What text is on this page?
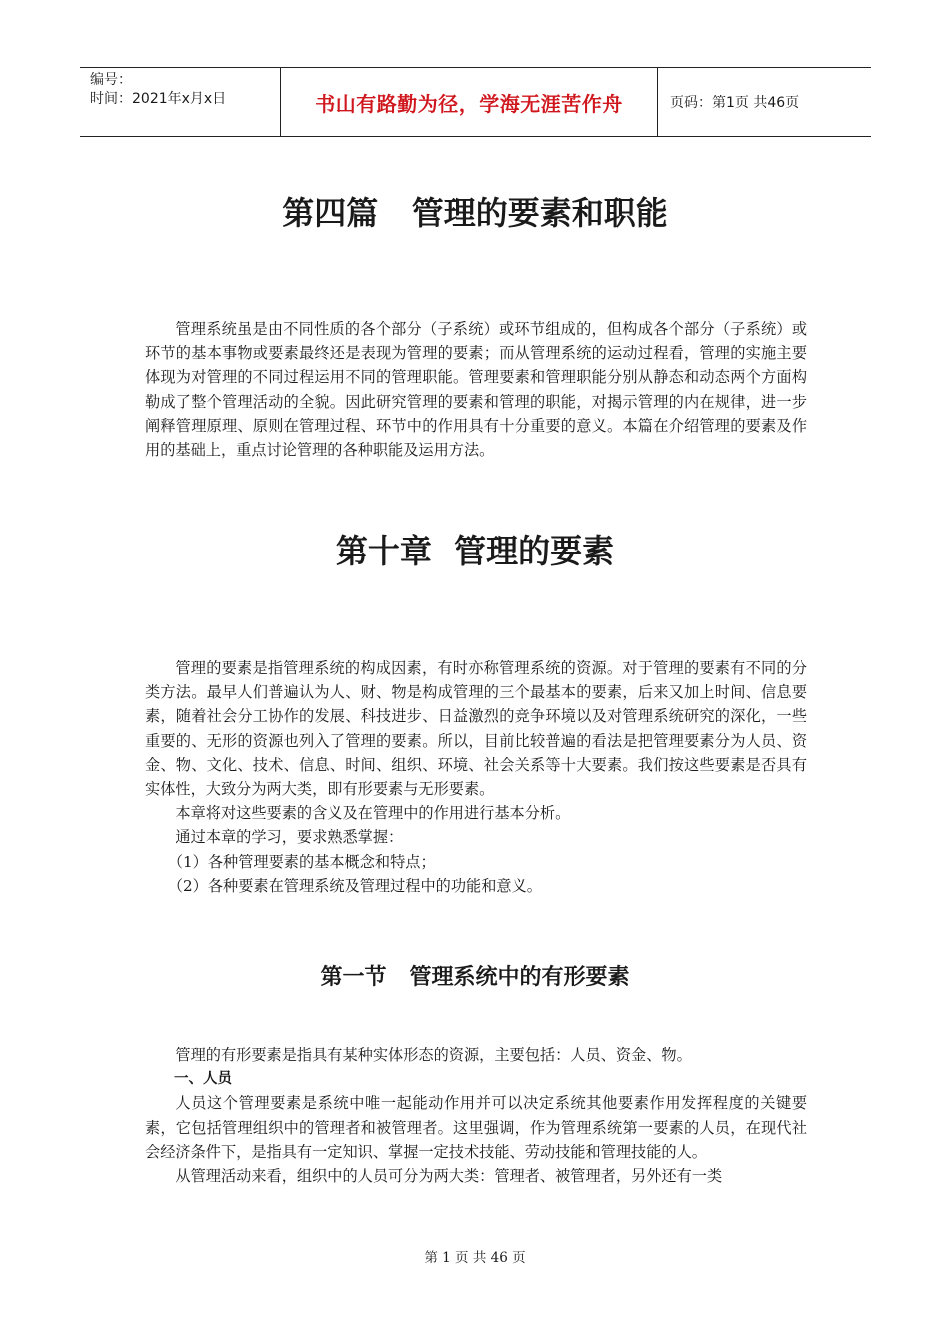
编号：
时间：2021年x月x日	书山有路勤为径，学海无涯苦作舟	页码：第1页 共46页
第四篇   管理的要素和职能

管理系统虽是由不同性质的各个部分（子系统）或环节组成的，但构成各个部分（子系统）或环节的基本事物或要素最终还是表现为管理的要素；而从管理系统的运动过程看，管理的实施主要体现为对管理的不同过程运用不同的管理职能。管理要素和管理职能分别从静态和动态两个方面构勒成了整个管理活动的全貌。因此研究管理的要素和管理的职能，对揭示管理的内在规律，进一步阐释管理原理、原则在管理过程、环节中的作用具有十分重要的意义。本篇在介绍管理的要素及作用的基础上，重点讨论管理的各种职能及运用方法。

第十章  管理的要素

管理的要素是指管理系统的构成因素，有时亦称管理系统的资源。对于管理的要素有不同的分类方法。最早人们普遍认为人、财、物是构成管理的三个最基本的要素，后来又加上时间、信息要素，随着社会分工协作的发展、科技进步、日益激烈的竞争环境以及对管理系统研究的深化，一些重要的、无形的资源也列入了管理的要素。所以，目前比较普遍的看法是把管理要素分为人员、资金、物、文化、技术、信息、时间、组织、环境、社会关系等十大要素。我们按这些要素是否具有实体性，大致分为两大类，即有形要素与无形要素。

本章将对这些要素的含义及在管理中的作用进行基本分析。

通过本章的学习，要求熟悉掌握：

（1）各种管理要素的基本概念和特点；

（2）各种要素在管理系统及管理过程中的功能和意义。

第一节   管理系统中的有形要素

管理的有形要素是指具有某种实体形态的资源，主要包括：人员、资金、物。

一、人员

人员这个管理要素是系统中唯一起能动作用并可以决定系统其他要素作用发挥程度的关键要素，它包括管理组织中的管理者和被管理者。这里强调，作为管理系统第一要素的人员，在现代社会经济条件下，是指具有一定知识、掌握一定技术技能、劳动技能和管理技能的人。

从管理活动来看，组织中的人员可分为两大类：管理者、被管理者，另外还有一类

第 1 页 共 46 页
